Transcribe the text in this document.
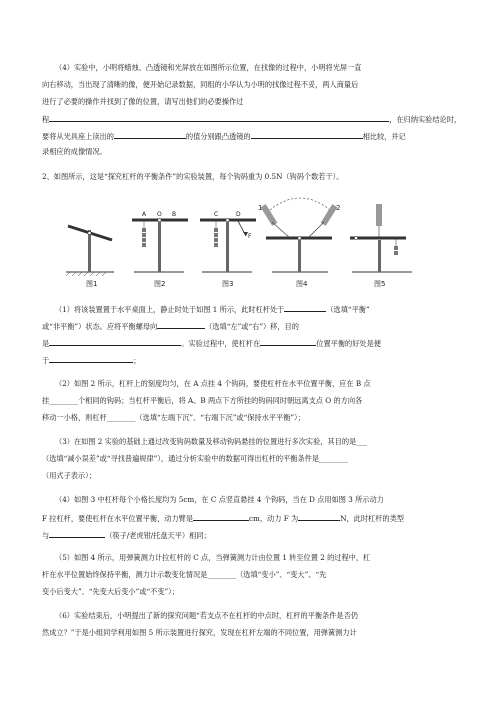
（4）实验中，小明将蜡烛、凸透镜和光屏放在如图所示位置，在找像的过程中，小明将光屏一直
向右移动，当出现了清晰的像，便开始记录数据，同组的小华认为小明的找像过程不妥，两人商量后
进行了必要的操作并找到了像的位置，请写出他们的必要操作过
程	，在归纳实验结论时，
要将从光具座上读出的	的值分别跟凸透镜的	相比较，并记
录相应的成像情况。
2、如图所示，这是“探究杠杆的平衡条件”的实验装置，每个钩码重为 0.5N（钩码个数若干）。
图1
A	B
O
图2
C	D
F
图3
1	2
图4	图5
（1）将该装置置于水平桌面上，静止时处于如图 1 所示，此时杠杆处于	（选填“平衡”
或“非平衡”）状态。应将平衡螺母向	（选填“左”或“右”）移，目的
是	。实验过程中，使杠杆在	位置平衡的好处是便
于	；
（2）如图 2 所示，杠杆上的刻度均匀，在 A 点挂 4 个钩码，要使杠杆在水平位置平衡，应在 B 点
挂________个相同的钩码；当杠杆平衡后，将 A、B 两点下方所挂的钩码同时朝远离支点 O 的方向各
移动一小格，则杠杆________（选填“左端下沉”、“右端下沉”或“保持水平平衡”）；
（3）在如图 2 实验的基础上通过改变钩码数量及移动钩码悬挂的位置进行多次实验，其目的是___
（选填“减小误差”或“寻找普遍规律”），通过分析实验中的数据可得出杠杆的平衡条件是________
（用式子表示）；
（4）如图 3 中杠杆每个小格长度均为 5cm，在 C 点竖直悬挂 4 个钩码，当在 D 点用如图 3 所示动力
F 拉杠杆，要使杠杆在水平位置平衡，动力臂是	cm，动力 F 为	N，此时杠杆的类型
与	（筷子/老虎钳/托盘天平）相同；
（5）如图 4 所示，用弹簧测力计拉杠杆的 C 点，当弹簧测力计由位置 1 转至位置 2 的过程中，杠
杆在水平位置始终保持平衡，测力计示数变化情况是________（选填“变小”、“变大”、“先
变小后变大”、“先变大后变小”或“不变”）；
（6）实验结束后，小明提出了新的探究问题“若支点不在杠杆的中点时，杠杆的平衡条件是否仍
然成立？”于是小组同学利用如图 5 所示装置进行探究，发现在杠杆左端的不同位置，用弹簧测力计
